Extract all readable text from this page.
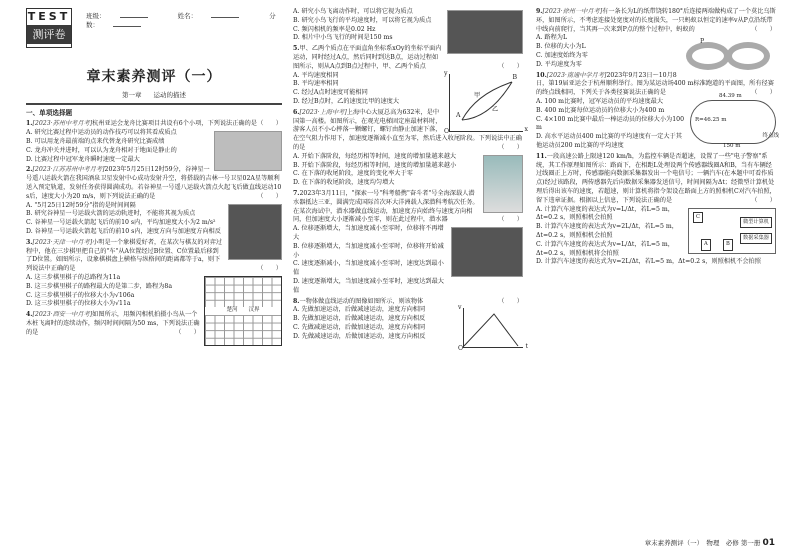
TEST
测评卷
班级：	姓名：	分数：
章末素养测评（一）
第一章 运动的描述
一、单项选择题

1.[2023·苏州中考月考]杭州亚运会龙舟比赛项目共设有6个小项，下列说法正确的是 （　　）

A. 研究比赛过程中运动员的动作技巧可以将其看成质点

B. 可以用龙舟最前端的点来代替龙舟研究比赛成绩

C. 龙舟冲关并进时，可以认为龙舟相对于地面是静止的

D. 比赛过程中冠军龙舟瞬时速度一定最大

2.[2023·江苏苏州中考月考]2023年5月25日12时59分，谷神星一号遥八运载火箭在我国酒泉卫星发射中心成功发射升空，将搭载的吉林一号卫星02A星等顺利送入预定轨道，发射任务获得圆满成功。若谷神星一号遥八运载火箭点火起飞后做直线运动10 s后，速度大小为20 m/s，则下列说法正确的是	（　　）

A. "5月25日12时59分"指的是时间间隔

B. 研究谷神星一号运载火箭的运动轨迹时，不能将其视为质点

C. 谷神星一号运载火箭起飞后的前10 s内，平均加速度大小为2 m/s²

D. 谷神星一号运载火箭起飞后的前10 s内，速度方向与加速度方向相反

3.[2023·天津一中月考]小明是一个象棋爱好者，在某次与棋友的对弈过程中，他在三步棋里把自己的"车"从A位置经过B位置、C位置最后移到了D位置。如图所示，设象棋棋盘上横格与纵格间的距离都等于a，则下列说法中正确的是	（　　）

楚河　　汉界

A. 这三步棋里棋子的总路程为11a

B. 这三步棋里棋子的路程最大的是第二步，路程为8a

C. 这三步棋里棋子的位移大小为√106a

D. 这三步棋里棋子的位移大小为√11a

4.[2023·西安一中月考]如图所示，用频闪相机拍摄小鸟从一个木桩飞离时的连续动作，频闪时间间隔为50 ms，下列说法正确的是	（　　）

A. 研究小鸟飞离动作时，可以将它视为质点

B. 研究小鸟飞行的平均速度时，可以将它视为质点

C. 频闪相机的频率是0.02 Hz

D. 相片中小鸟飞行的时间是150 ms

5.甲、乙两个质点在平面直角坐标系xOy的坐标平面内运动，同时经过A点，然后同时到达B点，运动过程如图所示，则从A点到B点过程中，甲、乙两个质点	（　　）

y
x
O
A
B
甲
乙

A. 平均速度相同

B. 平均速率相同

C. 经过A点时速度可能相同

D. 经过B点时，乙的速度比甲的速度大

6.[2023·上海中考]上海中心大厦总高为632米，是中国第一高楼。如图所示，在观光电梯固定座最材料时，游客人员不小心摔落一颗螺钉，螺钉由静止加速下落，在空气阻力作用下，加速度逐渐减小直至为零，然后进入收尾阶段。下列说法中正确的是	（　　）

A. 开始下落阶段，每经历相等时间，速度的增加量越来越大

B. 开始下落阶段，每经历相等时间，速度的增加量越来越小

C. 在下落的收尾阶段，速度的变化率大于零

D. 在下落的收尾阶段，速度均匀增大

7.2023年3月11日，"探索一号"科考船携"奋斗者"号全海深载人潜水器抵达三亚，圆满完成国际首次环大洋洲载人深潜科考航次任务。在某次海试中，潜水器做直线运动，加速度方向始终与速度方向相同，但加速度大小逐渐减小至零，则在此过程中，潜水器	（　　）

A. 位移逐渐增大，当加速度减小至零时，位移将不再增大

B. 位移逐渐增大，当加速度减小至零时，位移将开始减小

C. 速度逐渐减小，当加速度减小至零时，速度达到最小值

D. 速度逐渐增大，当加速度减小至零时，速度达到最大值

8.一物体做直线运动的图像如图所示，则该物体	（　　）

v
t
O

A. 先做加速运动，后做减速运动，速度方向相同

B. 先做加速运动，后做减速运动，速度方向相反

C. 先做减速运动，后做加速运动，速度方向相同

D. 先做减速运动，后做加速运动，速度方向相反

9.[2023·徐州一中月考]有一条长为L的纸带饶转180°后连接两端做构成了一个莫比乌斯环，如图所示，不考虑连接处宽度对的长度损失，一只蚂蚁以恒定的速率v从P点沿纸带中线向前爬行，当其再一次来到P点的整个过程中，蚂蚁的	（　　）

P

A. 路程为L

B. 位移的大小为L

C. 加速度始终为零

D. 平均速度为零

10.[2023·南通中学月考]2023年9月23日～10月8日，第19届亚运会于杭州顺利举行。图为某运动场400 m标准跑道的平面图，所有径赛的终点线相同，下列关于各类径赛说法正确的是	（　　）

84.39 m
R=46.25 m
150 m
终点线

A. 100 m比赛时，冠军运动员的平均速度最大

B. 400 m比赛每位运动员的位移大小为400 m

C. 4×100 m比赛中最后一棒运动员的位移大小为100 m

D. 高水平运动员400 m比赛的平均速度有一定大于其他运动员200 m比赛的平均速度

11.一段高速公路上限速120 km/h，为监控车辆是否超速，设置了一些"电子警察"系统，其工作原理如图所示：路面下，在相距L处埋设两个传感器线圈A和B，当有车辆经过线圈正上方时，传感器能向数据采集器发出一个电信号；一辆汽车(在本题中可看作质点)经过该路段，两传感器先后向数据采集器发送信号，时间间隔为Δt；经微型计算机处理后得出该车的速度，若超速，则计算机将指令架设在路面上方的照相机C对汽车拍照，留下违章证据。根据以上信息，下列说法正确的是	（　　）

C
微型计算机
数据采集器
A	B

A. 计算汽车速度的表达式为v=L/Δt，若L=5 m，Δt=0.2 s，则照相机会拍照

B. 计算汽车速度的表达式为v=2L/Δt，若L=5 m，Δt=0.2 s，则照相机会拍照

C. 计算汽车速度的表达式为v=L/Δt，若L=5 m，Δt=0.2 s，则照相机将会拍照

D. 计算汽车速度的表达式为v=2L/Δt，若L=5 m，Δt=0.2 s，则照相机不会拍照

章末素养测评（一）　物理　必修 第一册 01
